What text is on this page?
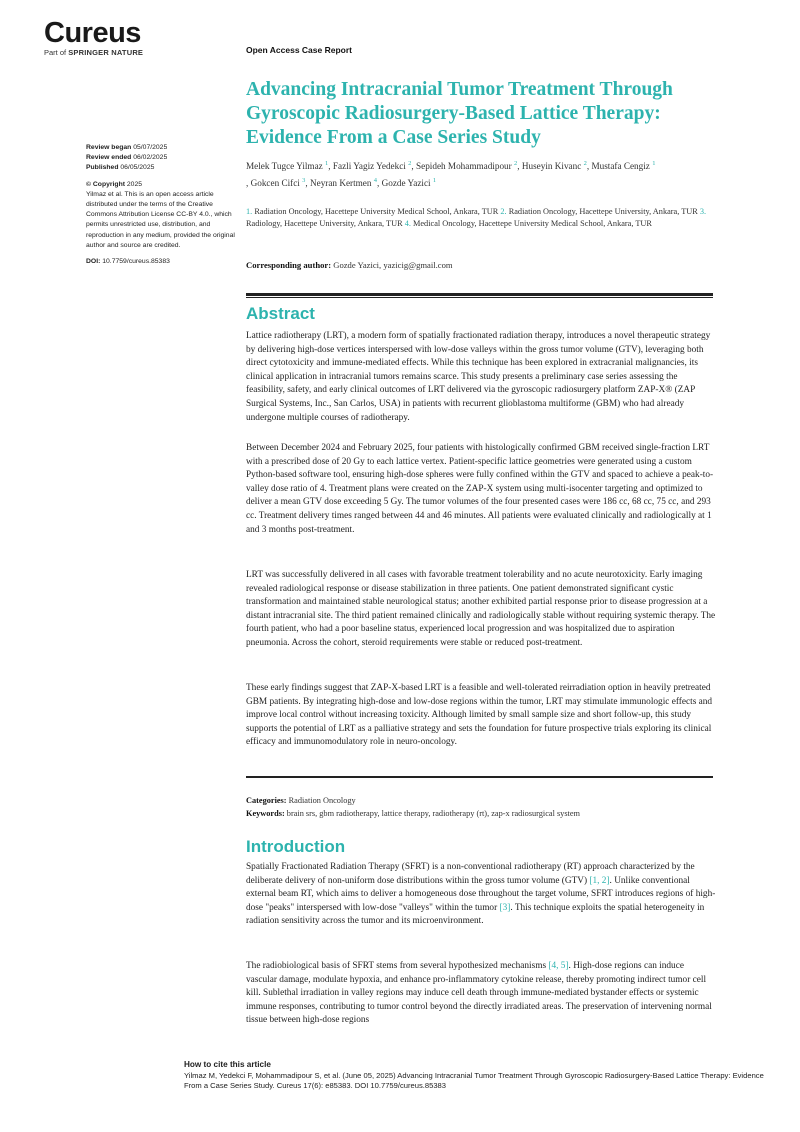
Cureus
Part of SPRINGER NATURE	Open Access Case Report
Advancing Intracranial Tumor Treatment Through Gyroscopic Radiosurgery-Based Lattice Therapy: Evidence From a Case Series Study
Review began 05/07/2025
Review ended 06/02/2025
Published 06/05/2025
© Copyright 2025
Yilmaz et al. This is an open access article distributed under the terms of the Creative Commons Attribution License CC-BY 4.0., which permits unrestricted use, distribution, and reproduction in any medium, provided the original author and source are credited.
DOI: 10.7759/cureus.85383
Melek Tugce Yilmaz $^1$, Fazli Yagiz Yedekci $^2$, Sepideh Mohammadipour $^2$, Huseyin Kivanc $^2$, Mustafa Cengiz $^1$
, Gokcen Cifci $^3$, Neyran Kertmen $^4$, Gozde Yazici $^1$
1. Radiation Oncology, Hacettepe University Medical School, Ankara, TUR 2. Radiation Oncology, Hacettepe University, Ankara, TUR 3. Radiology, Hacettepe University, Ankara, TUR 4. Medical Oncology, Hacettepe University Medical School, Ankara, TUR
Corresponding author: Gozde Yazici, yazicig@gmail.com
Abstract

Lattice radiotherapy (LRT), a modern form of spatially fractionated radiation therapy, introduces a novel therapeutic strategy by delivering high-dose vertices interspersed with low-dose valleys within the gross tumor volume (GTV), leveraging both direct cytotoxicity and immune-mediated effects. While this technique has been explored in extracranial malignancies, its clinical application in intracranial tumors remains scarce. This study presents a preliminary case series assessing the feasibility, safety, and early clinical outcomes of LRT delivered via the gyroscopic radiosurgery platform ZAP-X® (ZAP Surgical Systems, Inc., San Carlos, USA) in patients with recurrent glioblastoma multiforme (GBM) who had already undergone multiple courses of radiotherapy.

Between December 2024 and February 2025, four patients with histologically confirmed GBM received single-fraction LRT with a prescribed dose of 20 Gy to each lattice vertex. Patient-specific lattice geometries were generated using a custom Python-based software tool, ensuring high-dose spheres were fully confined within the GTV and spaced to achieve a peak-to-valley dose ratio of 4. Treatment plans were created on the ZAP-X system using multi-isocenter targeting and optimized to deliver a mean GTV dose exceeding 5 Gy. The tumor volumes of the four presented cases were 186 cc, 68 cc, 75 cc, and 293 cc. Treatment delivery times ranged between 44 and 46 minutes. All patients were evaluated clinically and radiologically at 1 and 3 months post-treatment.

LRT was successfully delivered in all cases with favorable treatment tolerability and no acute neurotoxicity. Early imaging revealed radiological response or disease stabilization in three patients. One patient demonstrated significant cystic transformation and maintained stable neurological status; another exhibited partial response prior to disease progression at a distant intracranial site. The third patient remained clinically and radiologically stable without requiring systemic therapy. The fourth patient, who had a poor baseline status, experienced local progression and was hospitalized due to aspiration pneumonia. Across the cohort, steroid requirements were stable or reduced post-treatment.

These early findings suggest that ZAP-X-based LRT is a feasible and well-tolerated reirradiation option in heavily pretreated GBM patients. By integrating high-dose and low-dose regions within the tumor, LRT may stimulate immunologic effects and improve local control without increasing toxicity. Although limited by small sample size and short follow-up, this study supports the potential of LRT as a palliative strategy and sets the foundation for future prospective trials exploring its clinical efficacy and immunomodulatory role in neuro-oncology.

Categories: Radiation Oncology
Keywords: brain srs, gbm radiotherapy, lattice therapy, radiotherapy (rt), zap-x radiosurgical system
Introduction

Spatially Fractionated Radiation Therapy (SFRT) is a non-conventional radiotherapy (RT) approach characterized by the deliberate delivery of non-uniform dose distributions within the gross tumor volume (GTV) [1, 2]. Unlike conventional external beam RT, which aims to deliver a homogeneous dose throughout the target volume, SFRT introduces regions of high-dose "peaks" interspersed with low-dose "valleys" within the tumor [3]. This technique exploits the spatial heterogeneity in radiation sensitivity across the tumor and its microenvironment.

The radiobiological basis of SFRT stems from several hypothesized mechanisms [4, 5]. High-dose regions can induce vascular damage, modulate hypoxia, and enhance pro-inflammatory cytokine release, thereby promoting indirect tumor cell kill. Sublethal irradiation in valley regions may induce cell death through immune-mediated bystander effects or systemic immune responses, contributing to tumor control beyond the directly irradiated areas. The preservation of intervening normal tissue between high-dose regions

How to cite this article
Yilmaz M, Yedekci F, Mohammadipour S, et al. (June 05, 2025) Advancing Intracranial Tumor Treatment Through Gyroscopic Radiosurgery-Based Lattice Therapy: Evidence From a Case Series Study. Cureus 17(6): e85383. DOI 10.7759/cureus.85383
